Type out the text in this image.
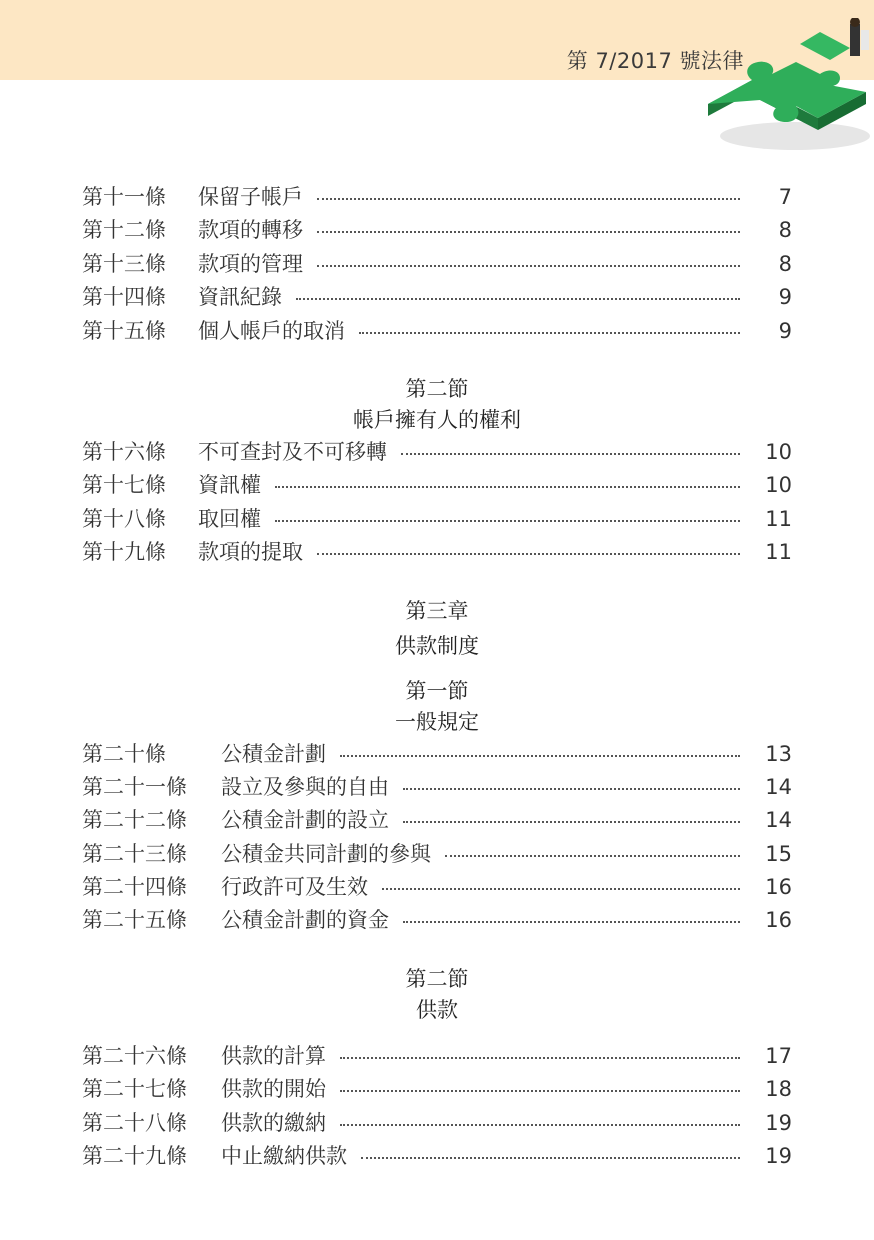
第 7/2017 號法律
第十一條	保留子帳戶	7
第十二條	款項的轉移	8
第十三條	款項的管理	8
第十四條	資訊紀錄	9
第十五條	個人帳戶的取消	9
第二節
帳戶擁有人的權利
第十六條	不可查封及不可移轉	10
第十七條	資訊權	10
第十八條	取回權	11
第十九條	款項的提取	11
第三章
供款制度
第一節
一般規定
第二十條	公積金計劃	13
第二十一條	設立及參與的自由	14
第二十二條	公積金計劃的設立	14
第二十三條	公積金共同計劃的參與	15
第二十四條	行政許可及生效	16
第二十五條	公積金計劃的資金	16
第二節
供款
第二十六條	供款的計算	17
第二十七條	供款的開始	18
第二十八條	供款的繳納	19
第二十九條	中止繳納供款	19
